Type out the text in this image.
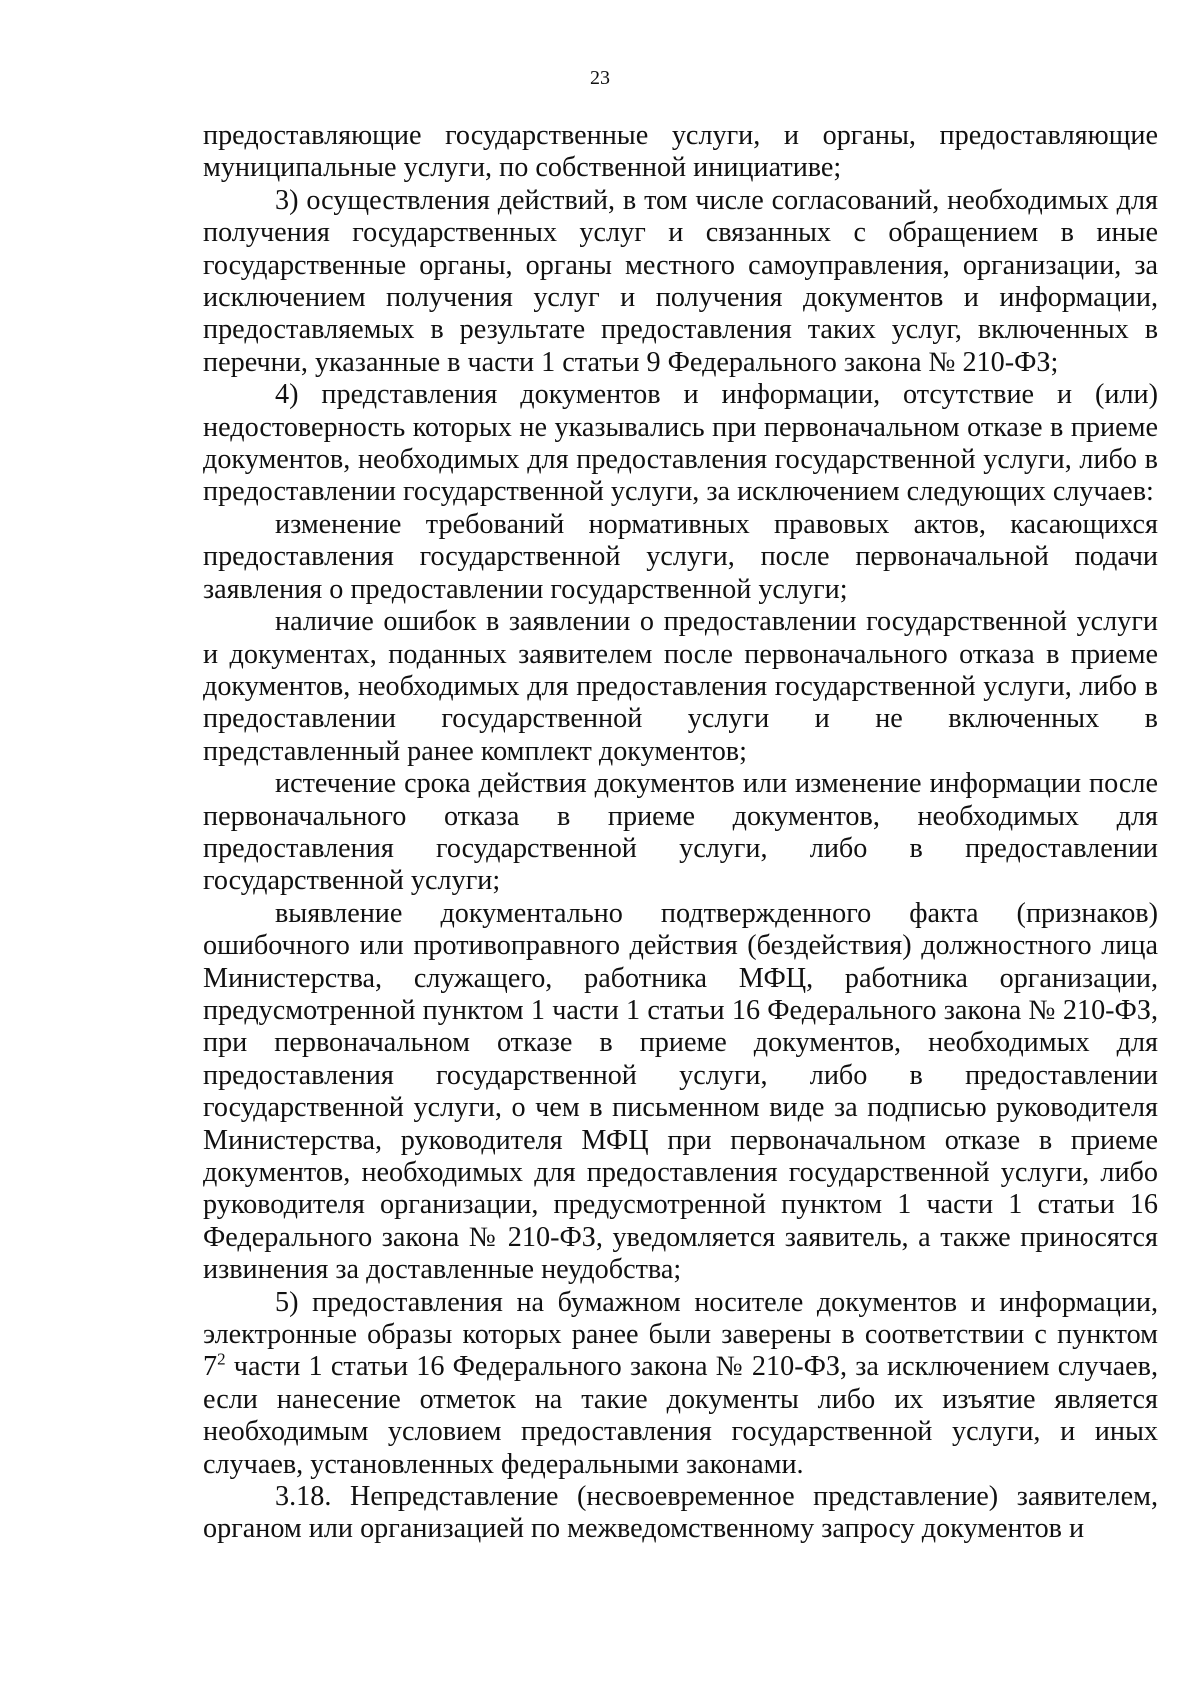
23

предоставляющие государственные услуги, и органы, предоставляющие муниципальные услуги, по собственной инициативе;

3) осуществления действий, в том числе согласований, необходимых для получения государственных услуг и связанных с обращением в иные государственные органы, органы местного самоуправления, организации, за исключением получения услуг и получения документов и информации, предоставляемых в результате предоставления таких услуг, включенных в перечни, указанные в части 1 статьи 9 Федерального закона № 210-ФЗ;

4) представления документов и информации, отсутствие и (или) недостоверность которых не указывались при первоначальном отказе в приеме документов, необходимых для предоставления государственной услуги, либо в предоставлении государственной услуги, за исключением следующих случаев:

изменение требований нормативных правовых актов, касающихся предоставления государственной услуги, после первоначальной подачи заявления о предоставлении государственной услуги;

наличие ошибок в заявлении о предоставлении государственной услуги и документах, поданных заявителем после первоначального отказа в приеме документов, необходимых для предоставления государственной услуги, либо в предоставлении государственной услуги и не включенных в

представленный ранее комплект документов;

истечение срока действия документов или изменение информации после первоначального отказа в приеме документов, необходимых для предоставления государственной услуги, либо в предоставлении государственной услуги;

выявление документально подтвержденного факта (признаков) ошибочного или противоправного действия (бездействия) должностного лица Министерства, служащего, работника МФЦ, работника организации, предусмотренной пунктом 1 части 1 статьи 16 Федерального закона № 210-ФЗ, при первоначальном отказе в приеме документов, необходимых для предоставления государственной услуги, либо в предоставлении государственной услуги, о чем в письменном виде за подписью руководителя Министерства, руководителя МФЦ при первоначальном отказе в приеме документов, необходимых для предоставления государственной услуги, либо руководителя организации, предусмотренной пунктом 1 части 1 статьи 16 Федерального закона № 210-ФЗ, уведомляется заявитель, а также приносятся извинения за доставленные неудобства;

5) предоставления на бумажном носителе документов и информации, электронные образы которых ранее были заверены в соответствии с пунктом $7^2$ части 1 статьи 16 Федерального закона № 210-ФЗ, за исключением случаев, если нанесение отметок на такие документы либо их изъятие является необходимым условием предоставления государственной услуги, и иных случаев, установленных федеральными законами.

3.18. Непредставление (несвоевременное представление) заявителем, органом или организацией по межведомственному запросу документов и
